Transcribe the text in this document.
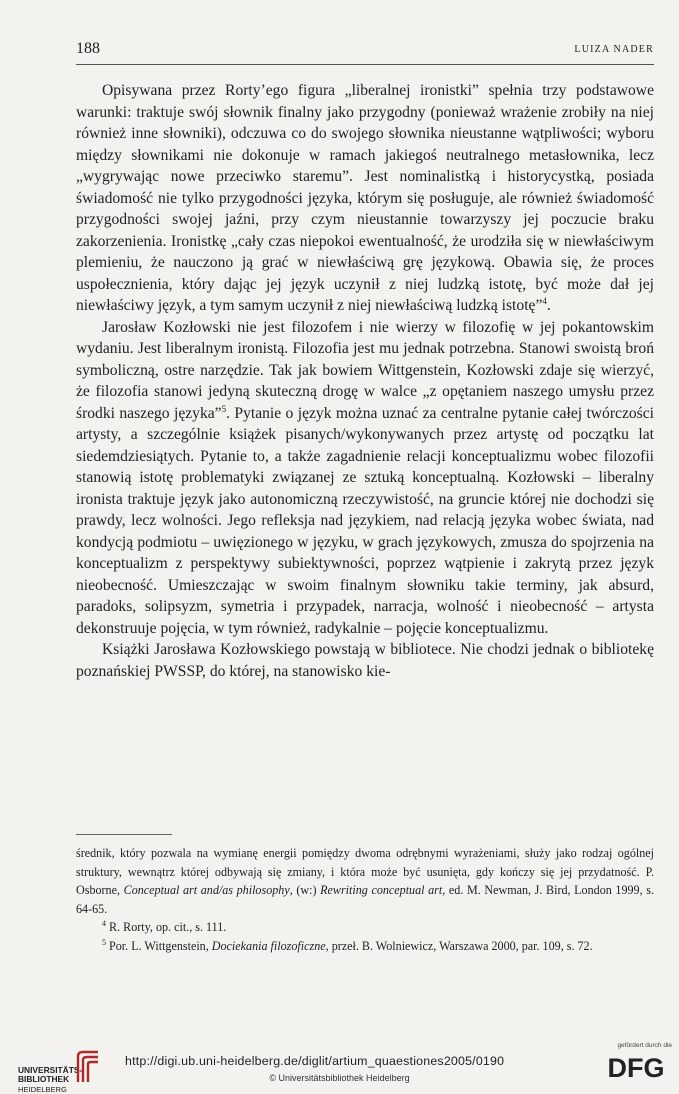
188	LUIZA NADER

Opisywana przez Rorty’ego figura „liberalnej ironistki” spełnia trzy podstawowe warunki: traktuje swój słownik finalny jako przygodny (ponieważ wrażenie zrobiły na niej również inne słowniki), odczuwa co do swojego słownika nieustanne wątpliwości; wyboru między słownikami nie dokonuje w ramach jakiegoś neutralnego metasłownika, lecz „wygrywając nowe przeciwko staremu”. Jest nominalistką i historycystką, posiada świadomość nie tylko przygodności języka, którym się posługuje, ale również świadomość przygodności swojej jaźni, przy czym nieustannie towarzyszy jej poczucie braku zakorzenienia. Ironistkę „cały czas niepokoi ewentualność, że urodziła się w niewłaściwym plemieniu, że nauczono ją grać w niewłaściwą grę językową. Obawia się, że proces uspołecznienia, który dając jej język uczynił z niej ludzką istotę, być może dał jej niewłaściwy język, a tym samym uczynił z niej niewłaściwą ludzką istotę”$^4$.

Jarosław Kozłowski nie jest filozofem i nie wierzy w filozofię w jej pokantowskim wydaniu. Jest liberalnym ironistą. Filozofia jest mu jednak potrzebna. Stanowi swoistą broń symboliczną, ostre narzędzie. Tak jak bowiem Wittgenstein, Kozłowski zdaje się wierzyć, że filozofia stanowi jedyną skuteczną drogę w walce „z opętaniem naszego umysłu przez środki naszego języka”$^5$. Pytanie o język można uznać za centralne pytanie całej twórczości artysty, a szczególnie książek pisanych/wykonywanych przez artystę od początku lat siedemdziesiątych. Pytanie to, a także zagadnienie relacji konceptualizmu wobec filozofii stanowią istotę problematyki związanej ze sztuką konceptualną. Kozłowski – liberalny ironista traktuje język jako autonomiczną rzeczywistość, na gruncie której nie dochodzi się prawdy, lecz wolności. Jego refleksja nad językiem, nad relacją języka wobec świata, nad kondycją podmiotu – uwięzionego w języku, w grach językowych, zmusza do spojrzenia na konceptualizm z perspektywy subiektywności, poprzez wątpienie i zakrytą przez język nieobecność. Umieszczając w swoim finalnym słowniku takie terminy, jak absurd, paradoks, solipsyzm, symetria i przypadek, narracja, wolność i nieobecność – artysta dekonstruuje pojęcia, w tym również, radykalnie – pojęcie konceptualizmu.

Książki Jarosława Kozłowskiego powstają w bibliotece. Nie chodzi jednak o bibliotekę poznańskiej PWSSP, do której, na stanowisko kie-

średnik, który pozwala na wymianę energii pomiędzy dwoma odrębnymi wyrażeniami, służy jako rodzaj ogólnej struktury, wewnątrz której odbywają się zmiany, i która może być usunięta, gdy kończy się jej przydatność. P. Osborne, Conceptual art and/as philosophy, (w:) Rewriting conceptual art, ed. M. Newman, J. Bird, London 1999, s. 64-65.

$^4$ R. Rorty, op. cit., s. 111.

$^5$ Por. L. Wittgenstein, Dociekania filozoficzne, przeł. B. Wolniewicz, Warszawa 2000, par. 109, s. 72.

UNIVERSITÄTS-
BIBLIOTHEK
HEIDELBERG
http://digi.ub.uni-heidelberg.de/diglit/artium_quaestiones2005/0190
© Universitätsbibliothek Heidelberg
gefördert durch die
DFG
